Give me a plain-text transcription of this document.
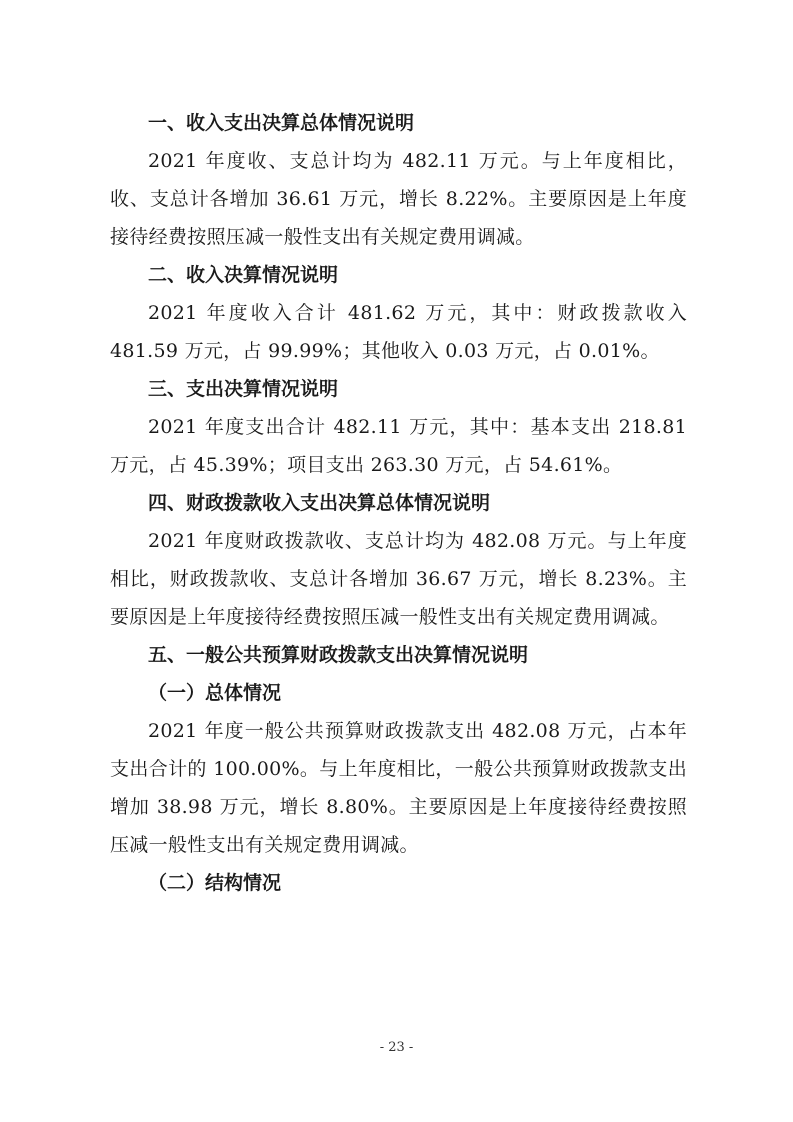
一、收入支出决算总体情况说明

2021 年度收、支总计均为 482.11 万元。与上年度相比，收、支总计各增加 36.61 万元，增长 8.22%。主要原因是上年度接待经费按照压减一般性支出有关规定费用调减。

二、收入决算情况说明

2021 年度收入合计 481.62 万元，其中：财政拨款收入 481.59 万元，占 99.99%；其他收入 0.03 万元，占 0.01%。

三、支出决算情况说明

2021 年度支出合计 482.11 万元，其中：基本支出 218.81 万元，占 45.39%；项目支出 263.30 万元，占 54.61%。

四、财政拨款收入支出决算总体情况说明

2021 年度财政拨款收、支总计均为 482.08 万元。与上年度相比，财政拨款收、支总计各增加 36.67 万元，增长 8.23%。主要原因是上年度接待经费按照压减一般性支出有关规定费用调减。

五、一般公共预算财政拨款支出决算情况说明
（一）总体情况

2021 年度一般公共预算财政拨款支出 482.08 万元，占本年支出合计的 100.00%。与上年度相比，一般公共预算财政拨款支出增加 38.98 万元，增长 8.80%。主要原因是上年度接待经费按照压减一般性支出有关规定费用调减。

（二）结构情况
- 23 -
